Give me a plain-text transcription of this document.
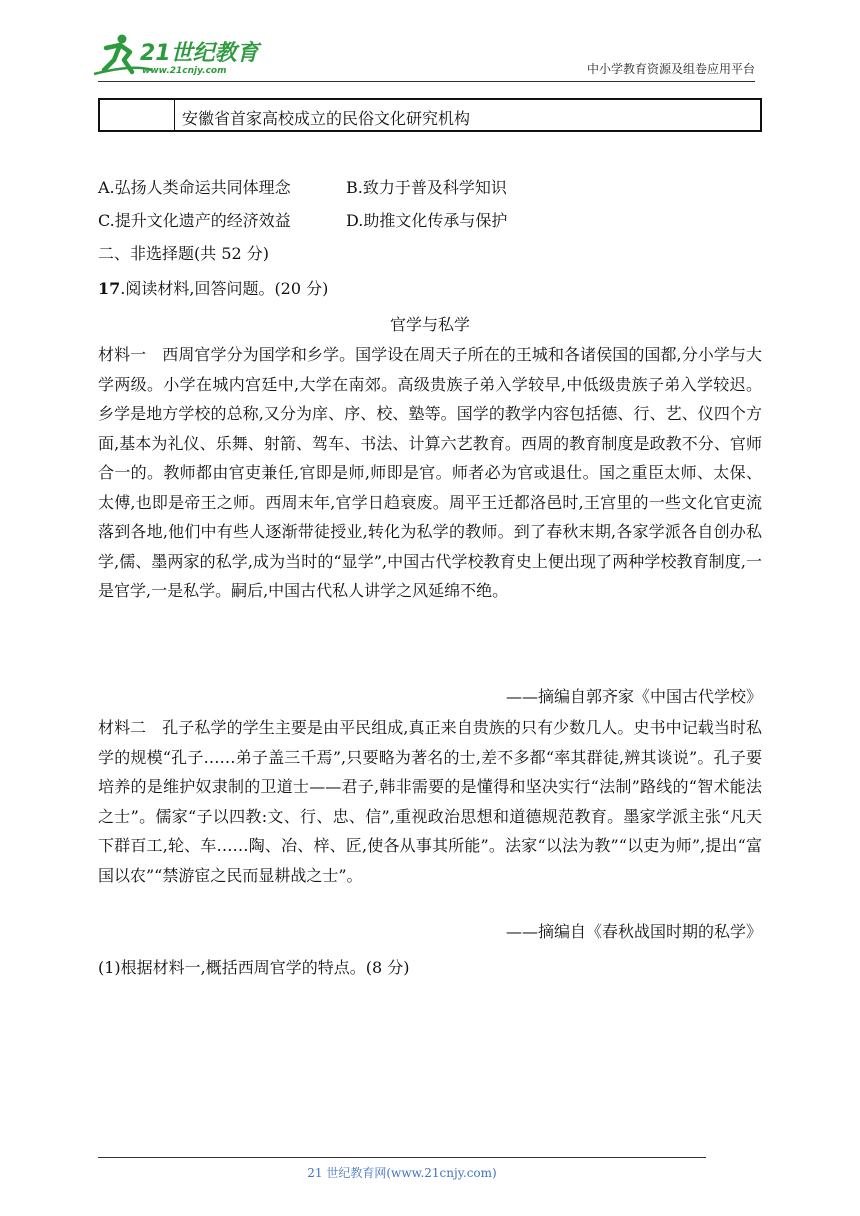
21世纪教育
www.21cnjy.com	中小学教育资源及组卷应用平台
安徽省首家高校成立的民俗文化研究机构
A.弘扬人类命运共同体理念	B.致力于普及科学知识
C.提升文化遗产的经济效益	D.助推文化传承与保护
二、非选择题(共 52 分)
17.阅读材料,回答问题。(20 分)
官学与私学
材料一　西周官学分为国学和乡学。国学设在周天子所在的王城和各诸侯国的国都,分小学与大学两级。小学在城内宫廷中,大学在南郊。高级贵族子弟入学较早,中低级贵族子弟入学较迟。乡学是地方学校的总称,又分为庠、序、校、塾等。国学的教学内容包括德、行、艺、仪四个方面,基本为礼仪、乐舞、射箭、驾车、书法、计算六艺教育。西周的教育制度是政教不分、官师合一的。教师都由官吏兼任,官即是师,师即是官。师者必为官或退仕。国之重臣太师、太保、太傅,也即是帝王之师。西周末年,官学日趋衰废。周平王迁都洛邑时,王宫里的一些文化官吏流落到各地,他们中有些人逐渐带徒授业,转化为私学的教师。到了春秋末期,各家学派各自创办私学,儒、墨两家的私学,成为当时的“显学”,中国古代学校教育史上便出现了两种学校教育制度,一是官学,一是私学。嗣后,中国古代私人讲学之风延绵不绝。
——摘编自郭齐家《中国古代学校》
材料二　孔子私学的学生主要是由平民组成,真正来自贵族的只有少数几人。史书中记载当时私学的规模“孔子……弟子盖三千焉”,只要略为著名的士,差不多都“率其群徒,辨其谈说”。孔子要培养的是维护奴隶制的卫道士——君子,韩非需要的是懂得和坚决实行“法制”路线的“智术能法之士”。儒家“子以四教:文、行、忠、信”,重视政治思想和道德规范教育。墨家学派主张“凡天下群百工,轮、车……陶、冶、梓、匠,使各从事其所能”。法家“以法为教”“以吏为师”,提出“富国以农”“禁游宦之民而显耕战之士”。
——摘编自《春秋战国时期的私学》
(1)根据材料一,概括西周官学的特点。(8 分)
21 世纪教育网(www.21cnjy.com)
